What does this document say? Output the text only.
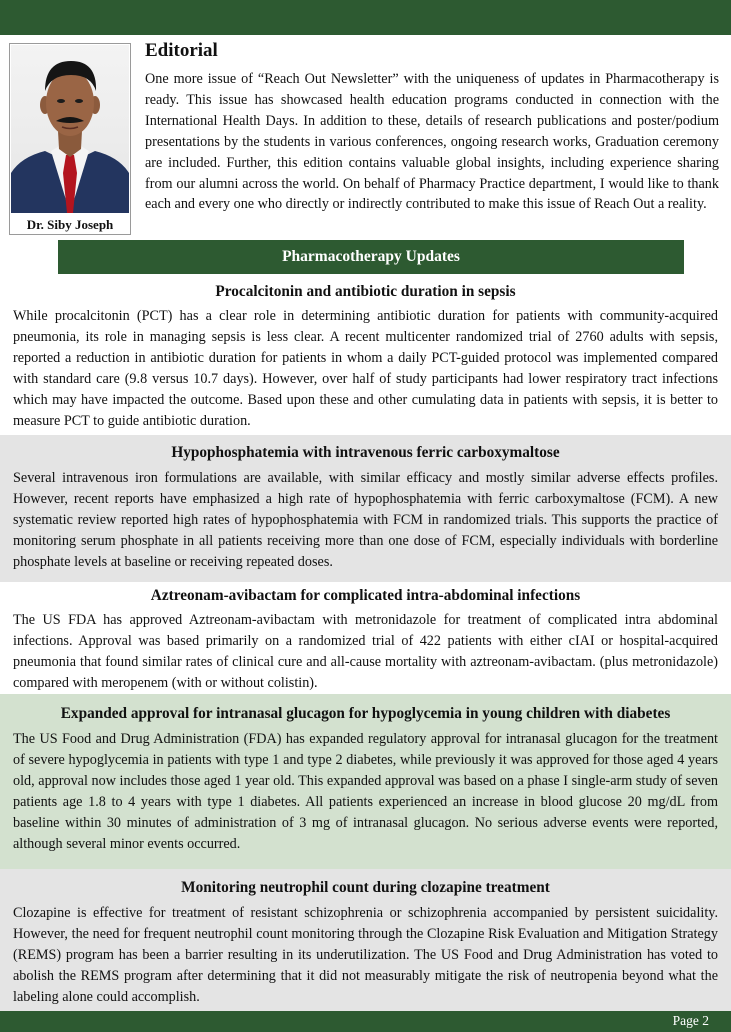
Dr. Siby Joseph
Editorial
One more issue of “Reach Out Newsletter” with the uniqueness of updates in Pharmacotherapy is ready. This issue has showcased health education programs conducted in connection with the International Health Days. In addition to these, details of research publications and poster/podium presentations by the students in various conferences, ongoing research works, Graduation ceremony are included. Further, this edition contains valuable global insights, including experience sharing from our alumni across the world. On behalf of Pharmacy Practice department, I would like to thank each and every one who directly or indirectly contributed to make this issue of Reach Out a reality.
Pharmacotherapy Updates
Procalcitonin and antibiotic duration in sepsis
While procalcitonin (PCT) has a clear role in determining antibiotic duration for patients with community-acquired pneumonia, its role in managing sepsis is less clear. A recent multicenter randomized trial of 2760 adults with sepsis, reported a reduction in antibiotic duration for patients in whom a daily PCT-guided protocol was implemented compared with standard care (9.8 versus 10.7 days). However, over half of study participants had lower respiratory tract infections which may have impacted the outcome. Based upon these and other cumulating data in patients with sepsis, it is better to measure PCT to guide antibiotic duration.
Hypophosphatemia with intravenous ferric carboxymaltose
Several intravenous iron formulations are available, with similar efficacy and mostly similar adverse effects profiles. However, recent reports have emphasized a high rate of hypophosphatemia with ferric carboxymaltose (FCM). A new systematic review reported high rates of hypophosphatemia with FCM in randomized trials. This supports the practice of monitoring serum phosphate in all patients receiving more than one dose of FCM, especially individuals with borderline phosphate levels at baseline or receiving repeated doses.
Aztreonam-avibactam for complicated intra-abdominal infections
The US FDA has approved Aztreonam-avibactam with metronidazole for treatment of complicated intra abdominal infections. Approval was based primarily on a randomized trial of 422 patients with either cIAI or hospital-acquired pneumonia that found similar rates of clinical cure and all-cause mortality with aztreonam-avibactam. (plus metronidazole) compared with meropenem (with or without colistin).
Expanded approval for intranasal glucagon for hypoglycemia in young children with diabetes
The US Food and Drug Administration (FDA) has expanded regulatory approval for intranasal glucagon for the treatment of severe hypoglycemia in patients with type 1 and type 2 diabetes, while previously it was approved for those aged 4 years old, approval now includes those aged 1 year old. This expanded approval was based on a phase I single-arm study of seven patients age 1.8 to 4 years with type 1 diabetes. All patients experienced an increase in blood glucose 20 mg/dL from baseline within 30 minutes of administration of 3 mg of intranasal glucagon. No serious adverse events were reported, although several minor events occurred.
Monitoring neutrophil count during clozapine treatment
Clozapine is effective for treatment of resistant schizophrenia or schizophrenia accompanied by persistent suicidality. However, the need for frequent neutrophil count monitoring through the Clozapine Risk Evaluation and Mitigation Strategy (REMS) program has been a barrier resulting in its underutilization. The US Food and Drug Administration has voted to abolish the REMS program after determining that it did not measurably mitigate the risk of neutropenia beyond what the labeling alone could accomplish.
Page 2
